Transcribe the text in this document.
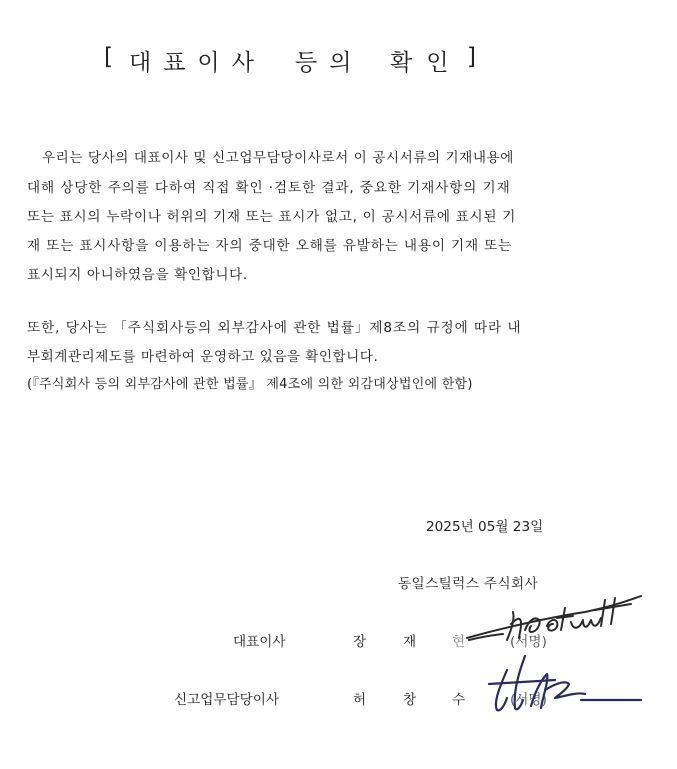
[ 대표이사 등의 확인 ]
우리는 당사의 대표이사 및 신고업무담당이사로서 이 공시서류의 기재내용에
대해 상당한 주의를 다하여 직접 확인 ·검토한 결과, 중요한 기재사항의 기재
또는 표시의 누락이나 허위의 기재 또는 표시가 없고, 이 공시서류에 표시된 기
재 또는 표시사항을 이용하는 자의 중대한 오해를 유발하는 내용이 기재 또는
표시되지 아니하였음을 확인합니다.
또한, 당사는 「주식회사등의 외부감사에 관한 법률」제8조의 규정에 따라 내
부회계관리제도를 마련하여 운영하고 있음을 확인합니다.
(『주식회사 등의 외부감사에 관한 법률』 제4조에 의한 외감대상법인에 한함)
2025년 05월 23일
동일스틸럭스 주식회사
대표이사	장	재	현	(서명)
신고업무담당이사	허	창	수	(서명)
